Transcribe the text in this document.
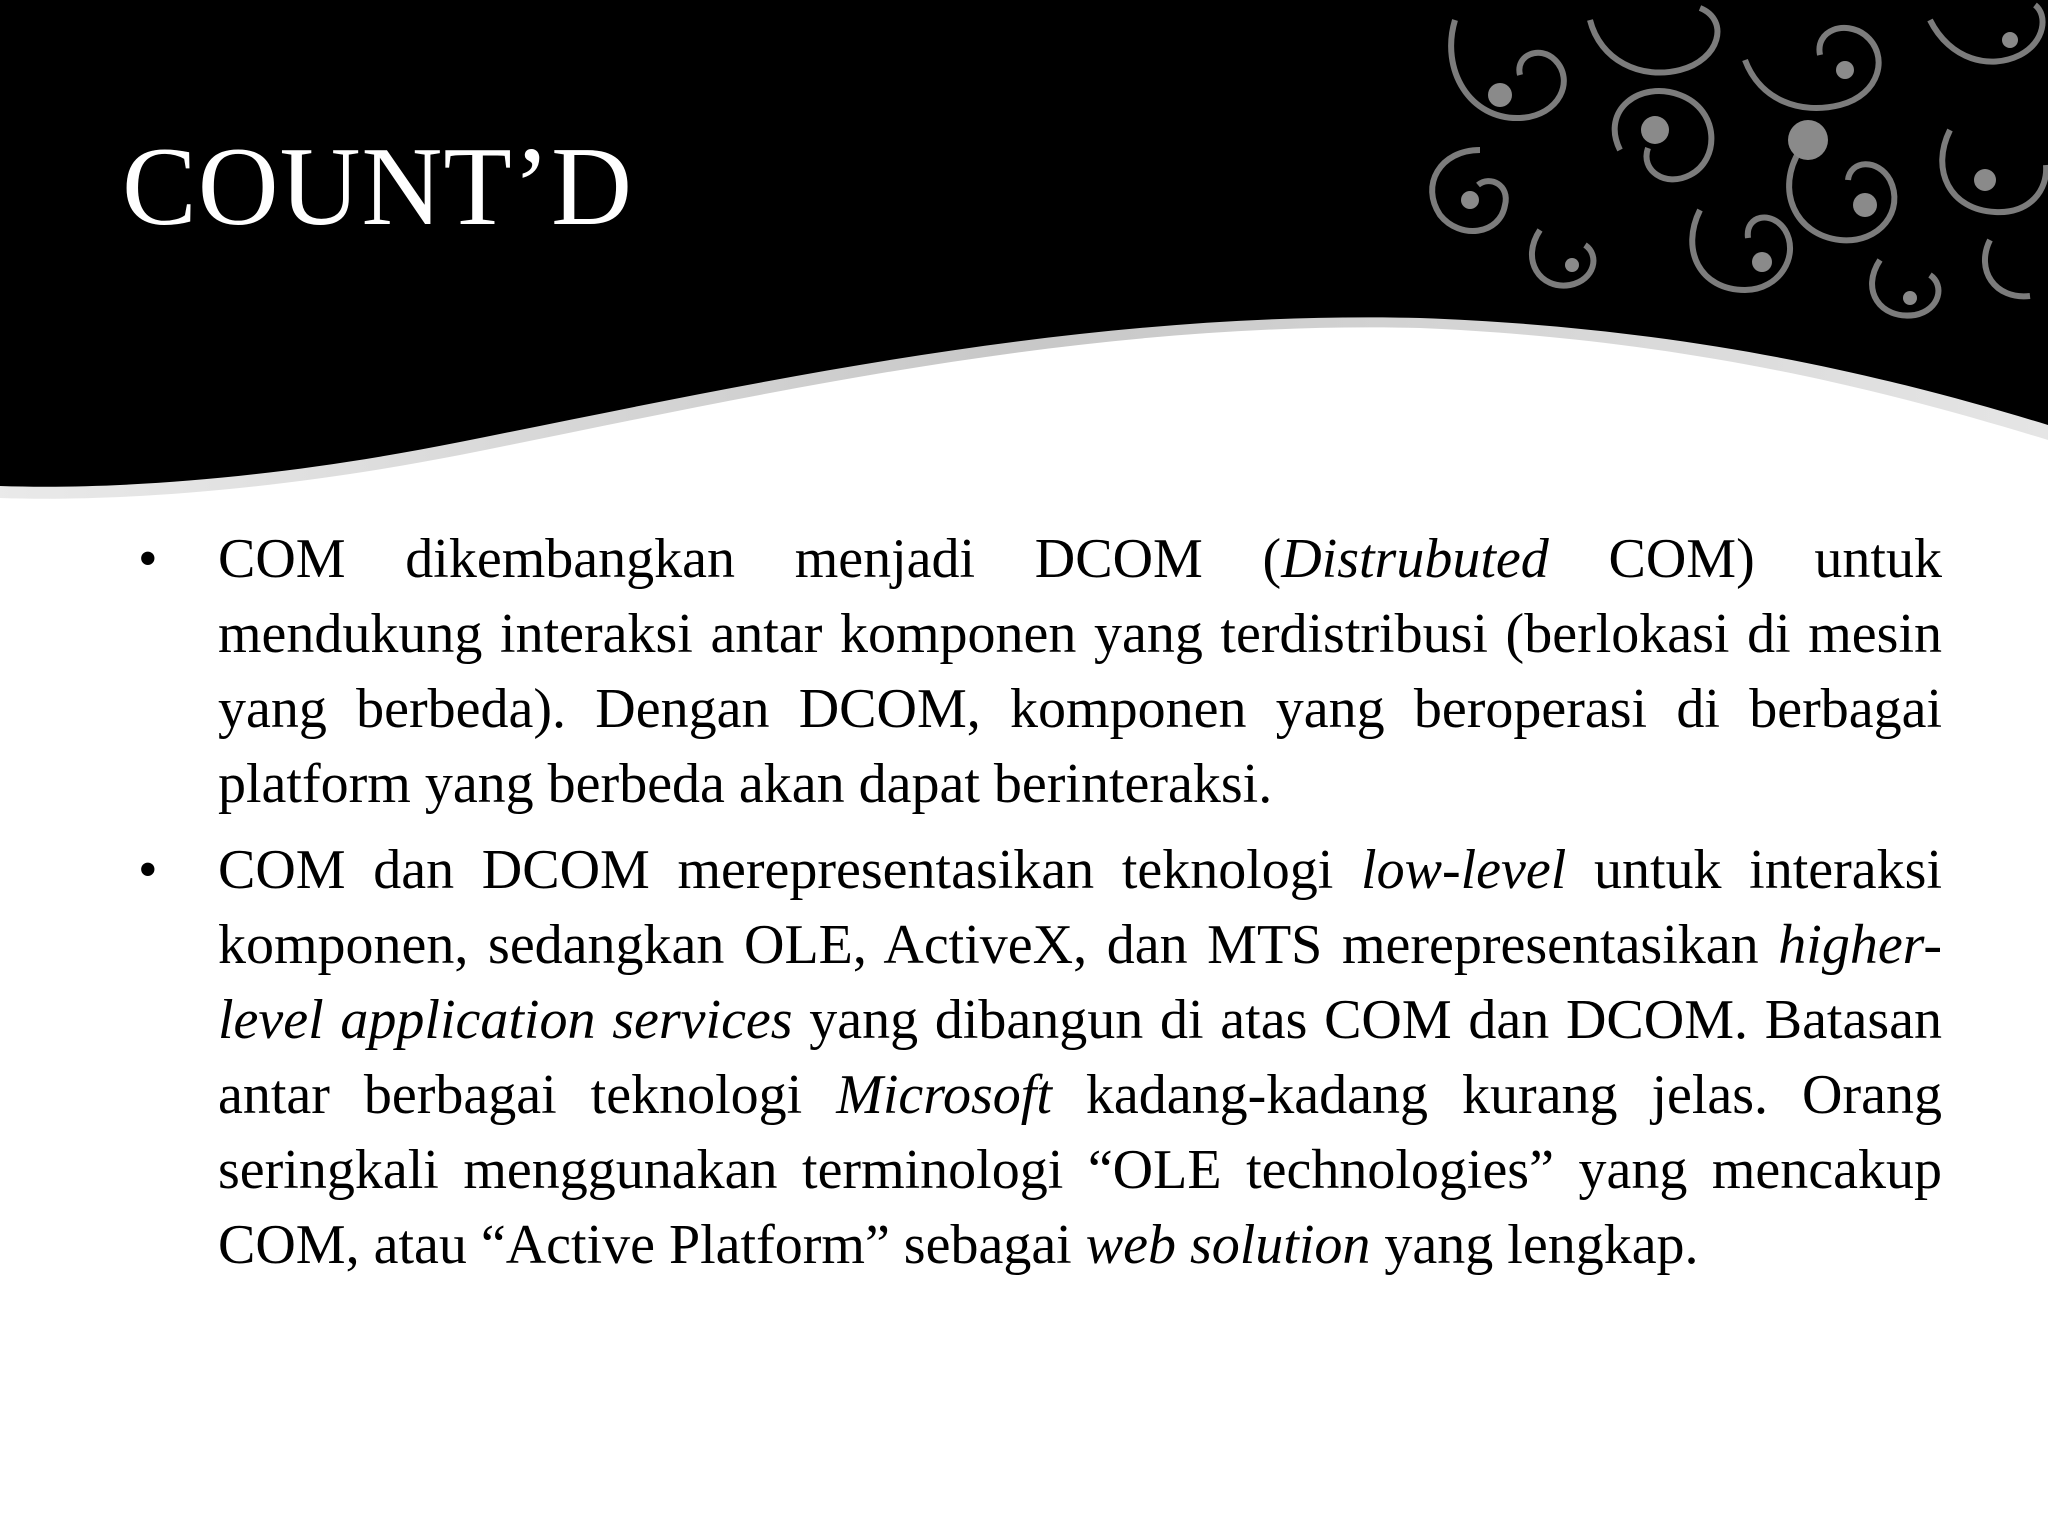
COUNT’D
•	COM dikembangkan menjadi DCOM (Distrubuted COM) untuk mendukung interaksi antar komponen yang terdistribusi (berlokasi di mesin yang berbeda). Dengan DCOM, komponen yang beroperasi di berbagai platform yang berbeda akan dapat berinteraksi.
•	COM dan DCOM merepresentasikan teknologi low-level untuk interaksi komponen, sedangkan OLE, ActiveX, dan MTS merepresentasikan higher-level application services yang dibangun di atas COM dan DCOM. Batasan antar berbagai teknologi Microsoft kadang-kadang kurang jelas. Orang seringkali menggunakan terminologi “OLE technologies” yang mencakup COM, atau “Active Platform” sebagai web solution yang lengkap.
